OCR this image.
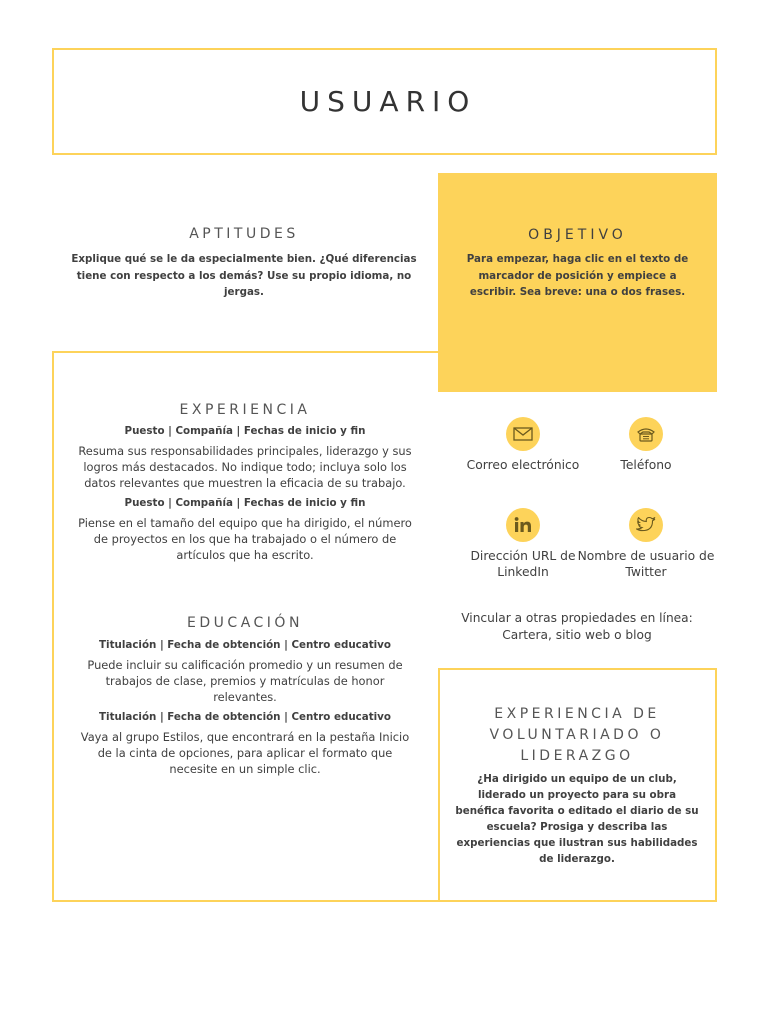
USUARIO
APTITUDES

Explique qué se le da especialmente bien. ¿Qué diferencias tiene con respecto a los demás? Use su propio idioma, no jergas.

OBJETIVO

Para empezar, haga clic en el texto de marcador de posición y empiece a escribir. Sea breve: una o dos frases.

EXPERIENCIA

Puesto | Compañía | Fechas de inicio y fin

Resuma sus responsabilidades principales, liderazgo y sus logros más destacados. No indique todo; incluya solo los datos relevantes que muestren la eficacia de su trabajo.

Puesto | Compañía | Fechas de inicio y fin

Piense en el tamaño del equipo que ha dirigido, el número de proyectos en los que ha trabajado o el número de artículos que ha escrito.

EDUCACIÓN

Titulación | Fecha de obtención | Centro educativo

Puede incluir su calificación promedio y un resumen de trabajos de clase, premios y matrículas de honor relevantes.

Titulación | Fecha de obtención | Centro educativo

Vaya al grupo Estilos, que encontrará en la pestaña Inicio de la cinta de opciones, para aplicar el formato que necesite en un simple clic.

Correo electrónico	Teléfono

Dirección URL de LinkedIn

Nombre de usuario de Twitter

Vincular a otras propiedades en línea: Cartera, sitio web o blog

EXPERIENCIA DE VOLUNTARIADO O LIDERAZGO

¿Ha dirigido un equipo de un club, liderado un proyecto para su obra benéfica favorita o editado el diario de su escuela? Prosiga y describa las experiencias que ilustran sus habilidades de liderazgo.
